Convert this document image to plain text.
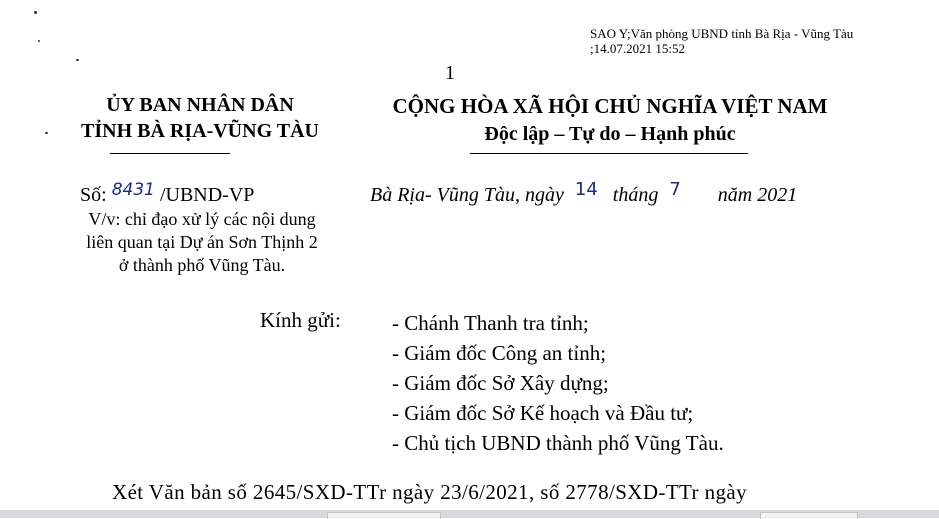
SAO Y;Văn phòng UBND tỉnh Bà Rịa - Vũng Tàu
;14.07.2021 15:52
1
ỦY BAN NHÂN DÂN
TỈNH BÀ RỊA-VŨNG TÀU
CỘNG HÒA XÃ HỘI CHỦ NGHĨA VIỆT NAM
Độc lập – Tự do – Hạnh phúc
Số: 8431 /UBND-VP
V/v: chỉ đạo xử lý các nội dung
liên quan tại Dự án Sơn Thịnh 2
ở thành phố Vũng Tàu.
Bà Rịa- Vũng Tàu, ngày 14 tháng 7 năm 2021
Kính gửi: - Chánh Thanh tra tỉnh;
- Giám đốc Công an tỉnh;
- Giám đốc Sở Xây dựng;
- Giám đốc Sở Kế hoạch và Đầu tư;
- Chủ tịch UBND thành phố Vũng Tàu.
Xét Văn bản số 2645/SXD-TTr ngày 23/6/2021, số 2778/SXD-TTr ngày
